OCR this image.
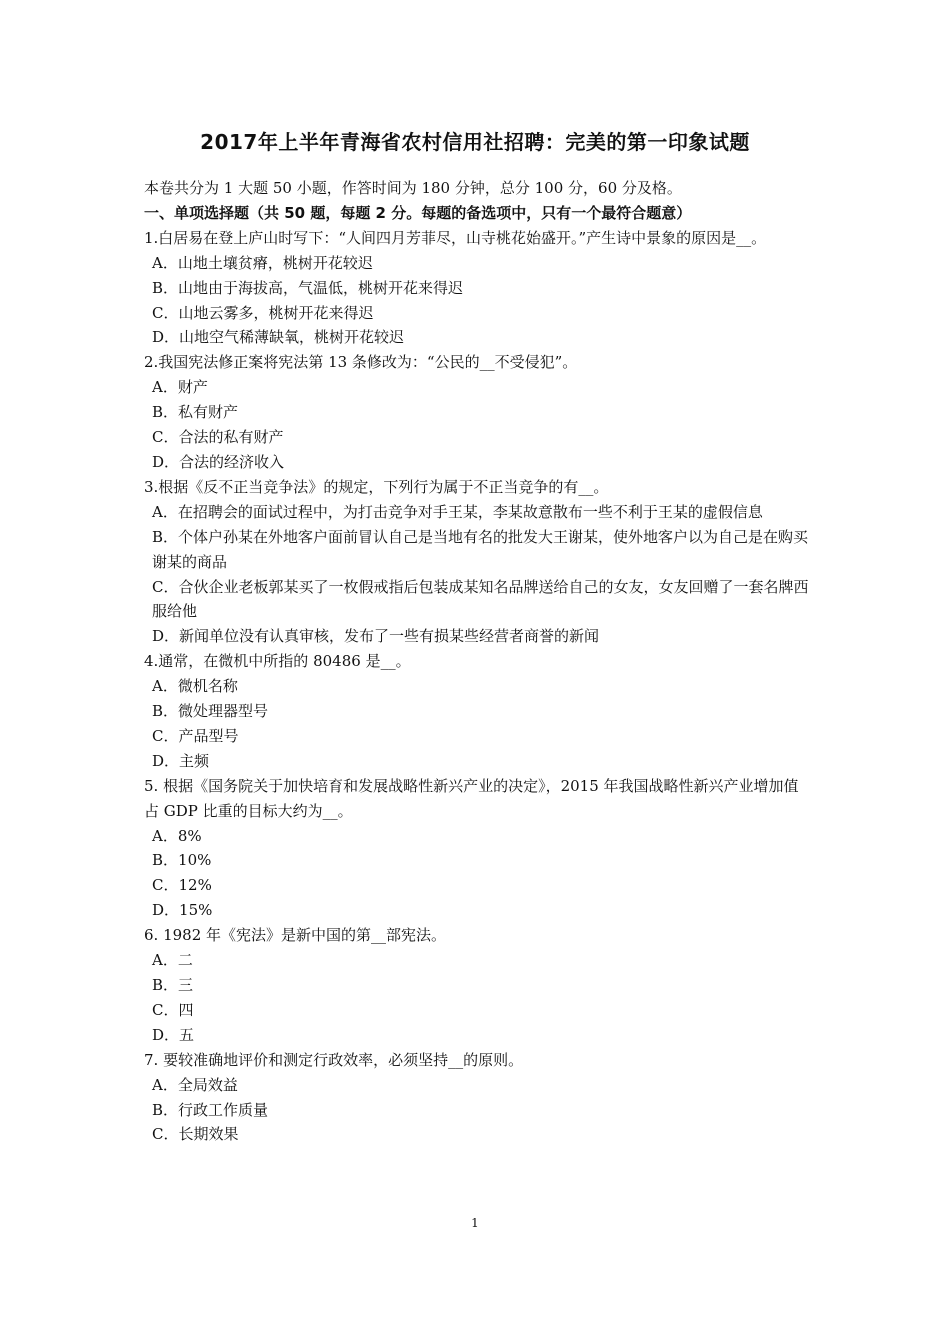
2017年上半年青海省农村信用社招聘：完美的第一印象试题

本卷共分为 1 大题 50 小题，作答时间为 180 分钟，总分 100 分，60 分及格。

一、单项选择题（共 50 题，每题 2 分。每题的备选项中，只有一个最符合题意）

1.白居易在登上庐山时写下：“人间四月芳菲尽，山寺桃花始盛开。”产生诗中景象的原因是__。

A．山地土壤贫瘠，桃树开花较迟

B．山地由于海拔高，气温低，桃树开花来得迟

C．山地云雾多，桃树开花来得迟

D．山地空气稀薄缺氧，桃树开花较迟

2.我国宪法修正案将宪法第 13 条修改为：“公民的__不受侵犯”。

A．财产

B．私有财产

C．合法的私有财产

D．合法的经济收入

3.根据《反不正当竞争法》的规定，下列行为属于不正当竞争的有__。

A．在招聘会的面试过程中，为打击竞争对手王某，李某故意散布一些不利于王某的虚假信息

B．个体户孙某在外地客户面前冒认自己是当地有名的批发大王谢某，使外地客户以为自己是在购买谢某的商品

C．合伙企业老板郭某买了一枚假戒指后包装成某知名品牌送给自己的女友，女友回赠了一套名牌西服给他

D．新闻单位没有认真审核，发布了一些有损某些经营者商誉的新闻

4.通常，在微机中所指的 80486 是__。

A．微机名称

B．微处理器型号

C．产品型号

D．主频

5. 根据《国务院关于加快培育和发展战略性新兴产业的决定》，2015 年我国战略性新兴产业增加值占 GDP 比重的目标大约为__。

A．8%

B．10%

C．12%

D．15%

6. 1982 年《宪法》是新中国的第__部宪法。

A．二

B．三

C．四

D．五

7. 要较准确地评价和测定行政效率，必须坚持__的原则。

A．全局效益

B．行政工作质量

C．长期效果

1
